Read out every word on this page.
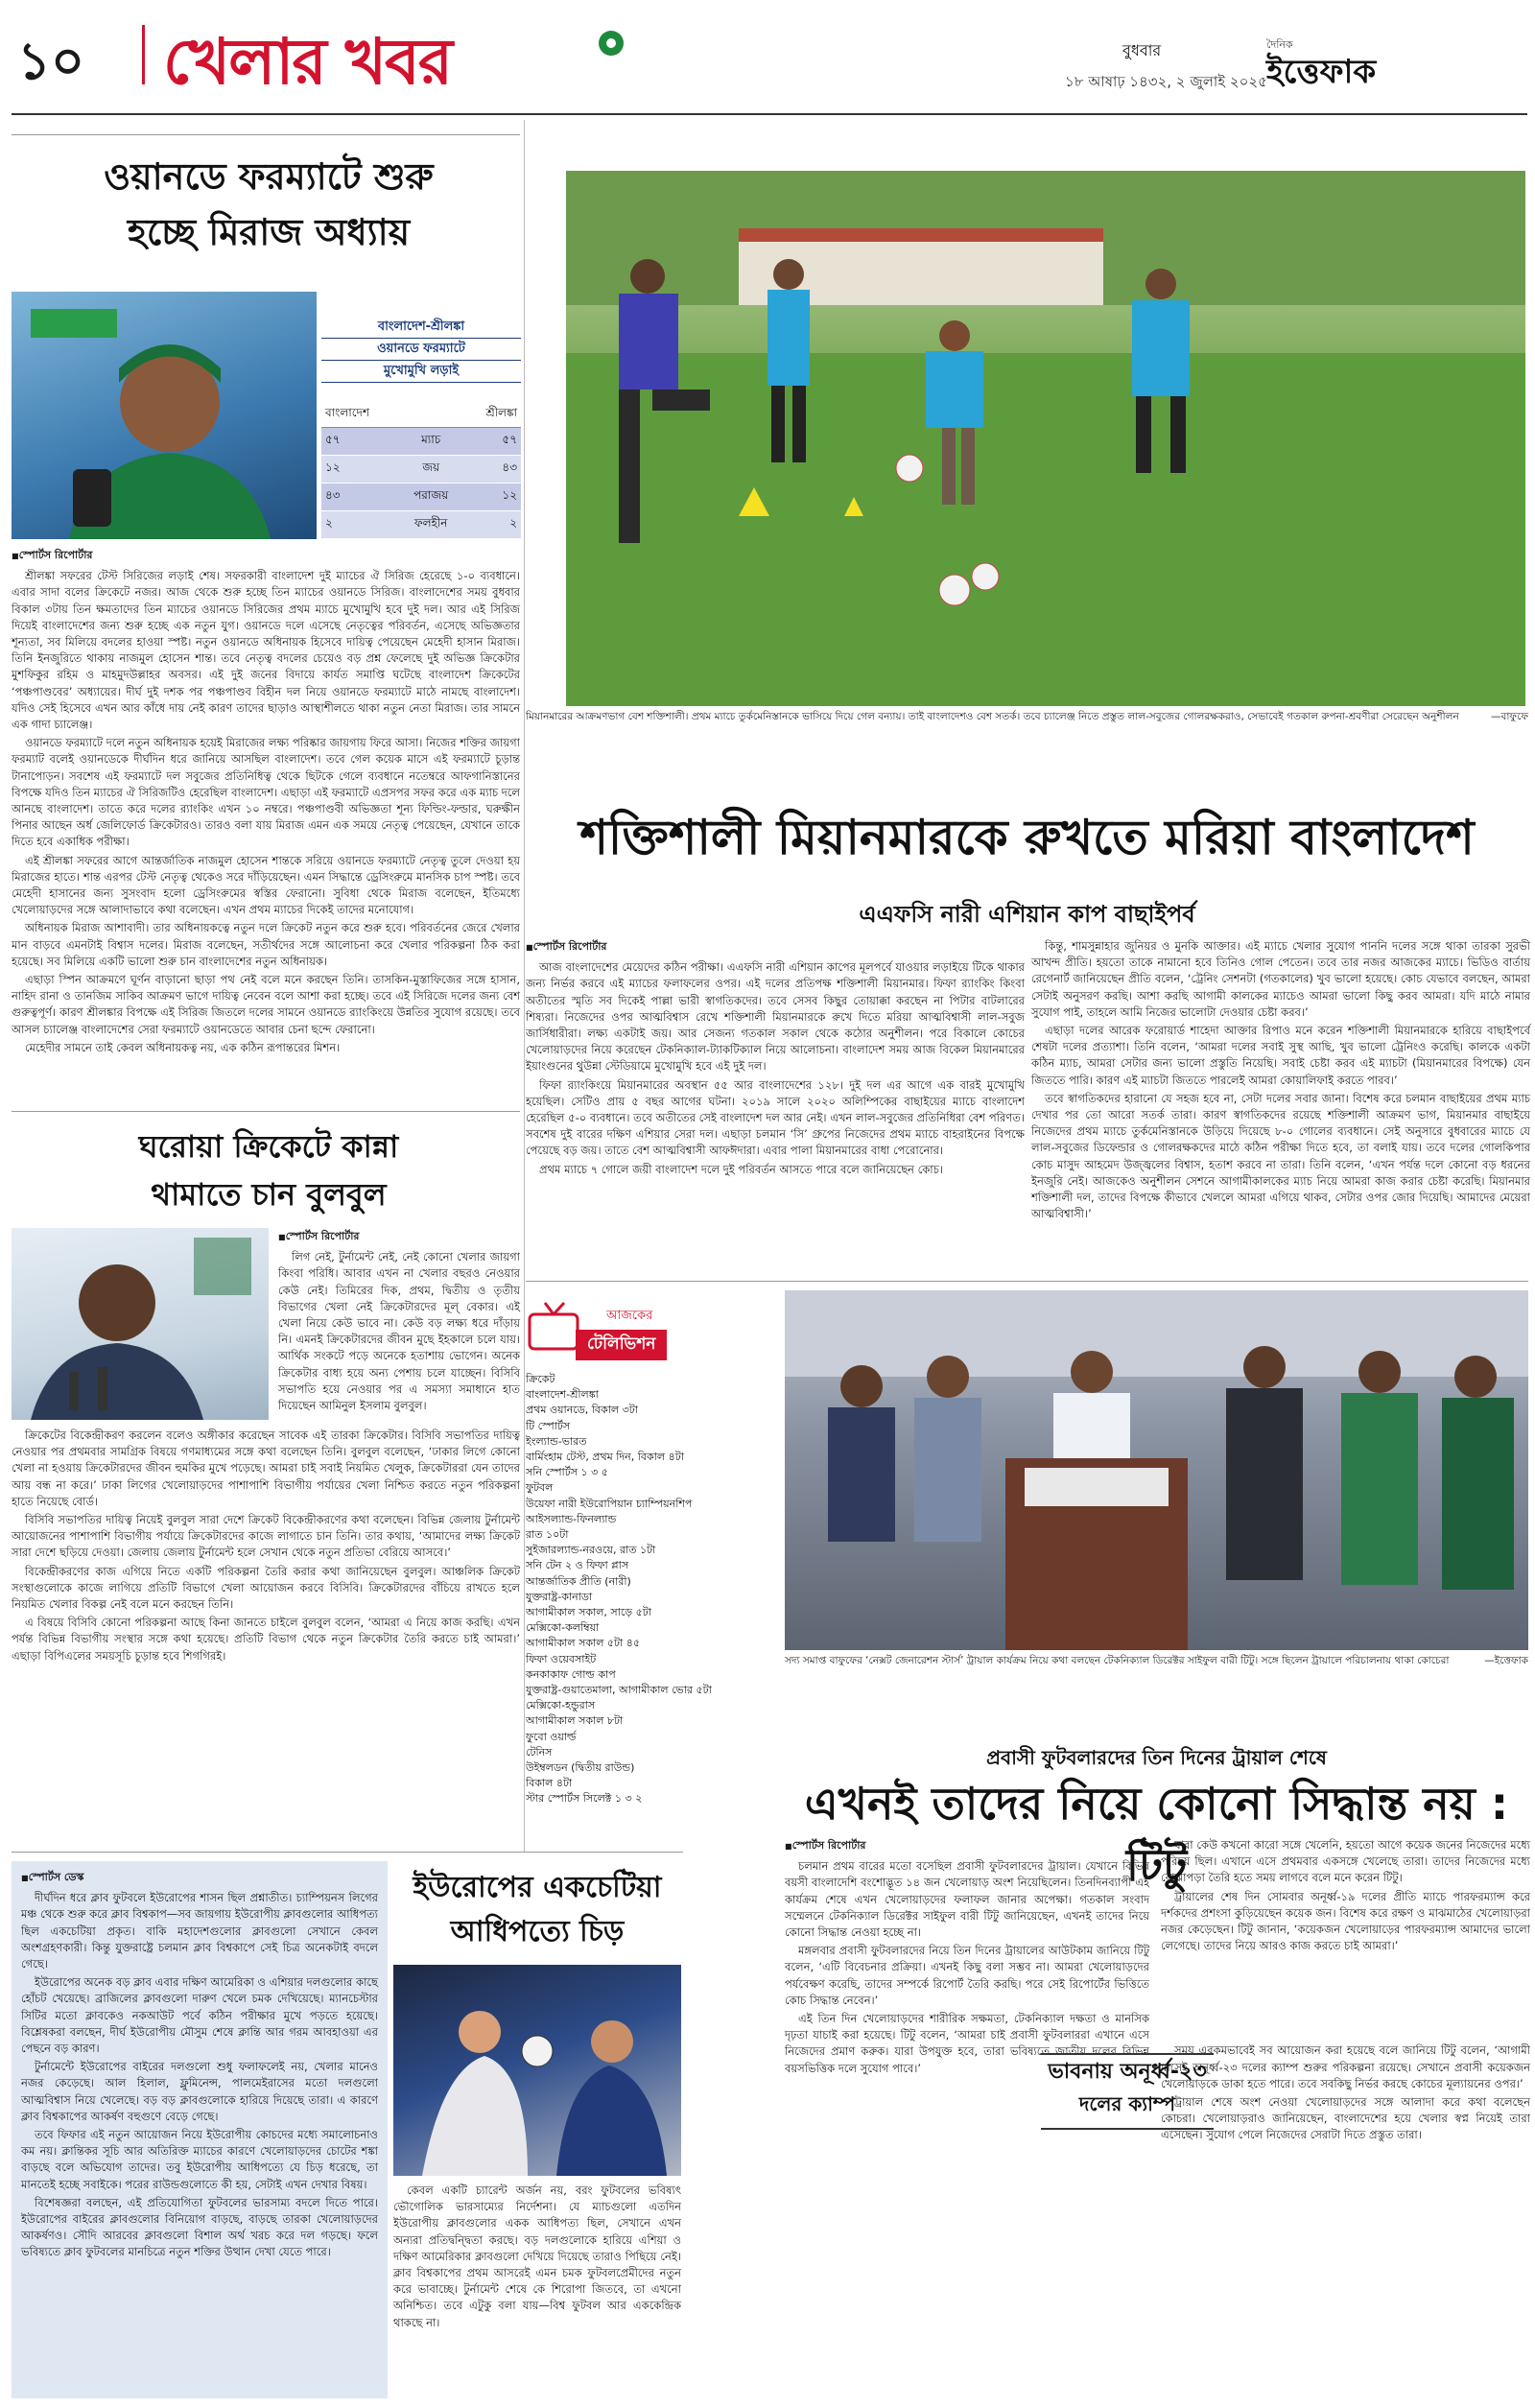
১০ খেলার খবর	বুধবার
১৮ আষাঢ় ১৪৩২, ২ জুলাই ২০২৫
দৈনিক
ইত্তেফাক
ওয়ানডে ফরম্যাটে শুরু
হচ্ছে মিরাজ অধ্যায়
বাংলাদেশ-শ্রীলঙ্কা
ওয়ানডে ফরম্যাটে
মুখোমুখি লড়াই
বাংলাদেশ		শ্রীলঙ্কা
৫৭	ম্যাচ	৫৭
১২	জয়	৪৩
৪৩	পরাজয়	১২
২	ফলহীন	২
■ স্পোর্টস রিপোর্টার

শ্রীলঙ্কা সফরের টেস্ট সিরিজের লড়াই শেষ। সফরকারী বাংলাদেশ দুই ম্যাচের ঐ সিরিজ হেরেছে ১-০ ব্যবধানে। এবার সাদা বলের ক্রিকেটে নজর। আজ থেকে শুরু হচ্ছে তিন ম্যাচের ওয়ানডে সিরিজ। বাংলাদেশের সময় বুধবার বিকাল ৩টায় তিন ক্ষমতাদের তিন ম্যাচের ওয়ানডে সিরিজের প্রথম ম্যাচে মুখোমুখি হবে দুই দল। আর এই সিরিজ দিয়েই বাংলাদেশের জন্য শুরু হচ্ছে এক নতুন যুগ। ওয়ানডে দলে এসেছে নেতৃত্বের পরিবর্তন, এসেছে অভিজ্ঞতার শূন্যতা, সব মিলিয়ে বদলের হাওয়া স্পষ্ট। নতুন ওয়ানডে অধিনায়ক হিসেবে দায়িত্ব পেয়েছেন মেহেদী হাসান মিরাজ। তিনি ইনজুরিতে থাকায় নাজমুল হোসেন শান্ত। তবে নেতৃত্ব বদলের চেয়েও বড় প্রশ্ন ফেলেছে দুই অভিজ্ঞ ক্রিকেটার মুশফিকুর রহিম ও মাহমুদউল্লাহর অবসর। এই দুই জনের বিদায়ে কার্যত সমাপ্তি ঘটেছে বাংলাদেশ ক্রিকেটের ‘পঞ্চপাণ্ডবের’ অধ্যায়ের। দীর্ঘ দুই দশক পর পঞ্চপাণ্ডব বিহীন দল নিয়ে ওয়ানডে ফরম্যাটে মাঠে নামছে বাংলাদেশ। যদিও সেই হিসেবে এখন আর কাঁধে দায় নেই কারণ তাদের ছাড়াও আস্থাশীলতে থাকা নতুন নেতা মিরাজ। তার সামনে এক গাদা চ্যালেঞ্জ।

ওয়ানডে ফরম্যাটে দলে নতুন অধিনায়ক হয়েই মিরাজের লক্ষ্য পরিষ্কার জায়গায় ফিরে আসা। নিজের শক্তির জায়গা ফরম্যাট বলেই ওয়ানডেকে দীর্ঘদিন ধরে জানিয়ে আসছিল বাংলাদেশ। তবে গেল কয়েক মাসে এই ফরম্যাটে চূড়ান্ত টানাপোড়ন। সবশেষ এই ফরম্যাটে দল সবুজের প্রতিনিধিত্ব থেকে ছিটকে গেলে ব্যবধানে নতেম্বরে আফগানিস্তানের বিপক্ষে যদিও তিন ম্যাচের ঐ সিরিজটিও হেরেছিল বাংলাদেশ। এছাড়া এই ফরম্যাটে এপ্রসপর সফর করে এক ম্যাচ দলে আনছে বাংলাদেশ। তাতে করে দলের র‍্যাংকিং এখন ১০ নম্বরে। পঞ্চপাণ্ডবী অভিজ্ঞতা শূন্য ফিল্ডিং-ফল্ডার, ঘরুক্ষীন পিনার আছেন অর্ধ জেলিফোর্ড ক্রিকেটারও। তারও বলা যায় মিরাজ এমন এক সময়ে নেতৃত্ব পেয়েছেন, যেখানে তাকে দিতে হবে একাধিক পরীক্ষা।

এই শ্রীলঙ্কা সফরের আগে আন্তর্জাতিক নাজমুল হোসেন শান্তকে সরিয়ে ওয়ানডে ফরম্যাটে নেতৃত্ব তুলে দেওয়া হয় মিরাজের হাতে। শান্ত এরপর টেস্ট নেতৃত্ব থেকেও সরে দাঁড়িয়েছেন। এমন সিদ্ধান্তে ড্রেসিংরুমে মানসিক চাপ স্পষ্ট। তবে মেহেদী হাসানের জন্য সুসংবাদ হলো ড্রেসিংরুমের স্বস্তির ফেরানো। সুবিধা থেকে মিরাজ বলেছেন, ইতিমধ্যে খেলোয়াড়দের সঙ্গে আলাদাভাবে কথা বলেছেন। এখন প্রথম ম্যাচের দিকেই তাদের মনোযোগ।

অধিনায়ক মিরাজ আশাবাদী। তার অধিনায়কত্বে নতুন দলে ক্রিকেট নতুন করে শুরু হবে। পরিবর্তনের জেরে খেলার মান বাড়বে এমনটাই বিশ্বাস দলের। মিরাজ বলেছেন, সতীর্থদের সঙ্গে আলোচনা করে খেলার পরিকল্পনা ঠিক করা হয়েছে। সব মিলিয়ে একটি ভালো শুরু চান বাংলাদেশের নতুন অধিনায়ক।

এছাড়া স্পিন আক্রমণে ঘূর্ণন বাড়ানো ছাড়া পথ নেই বলে মনে করছেন তিনি। তাসকিন-মুস্তাফিজের সঙ্গে হাসান, নাহিদ রানা ও তানজিম সাকিব আক্রমণ ভাগে দায়িত্ব নেবেন বলে আশা করা হচ্ছে। তবে এই সিরিজে দলের জন্য বেশ গুরুত্বপূর্ণ। কারণ শ্রীলঙ্কার বিপক্ষে এই সিরিজ জিতলে দলের সামনে ওয়ানডে র‍্যাংকিংয়ে উন্নতির সুযোগ রয়েছে। তবে আসল চ্যালেঞ্জ বাংলাদেশের সেরা ফরম্যাটে ওয়ানডেতে আবার চেনা ছন্দে ফেরানো।

মেহেদীর সামনে তাই কেবল অধিনায়কত্ব নয়, এক কঠিন রূপান্তরের মিশন।

ঘরোয়া ক্রিকেটে কান্না
থামাতে চান বুলবুল
■ স্পোর্টস রিপোর্টার

লিগ নেই, টুর্নামেন্ট নেই, নেই কোনো খেলার জায়গা কিংবা পরিধি। আবার এখন না খেলার বছরও নেওয়ার কেউ নেই। তিমিরের দিক, প্রথম, দ্বিতীয় ও তৃতীয় বিভাগের খেলা নেই ক্রিকেটারদের মূল্ বেকার। এই খেলা নিয়ে কেউ ভাবে না। কেউ বড় লক্ষ্য ধরে দাঁড়ায় নি। এমনই ক্রিকেটারদের জীবন মুছে ইহকালে চলে যায়। আর্থিক সংকটে পড়ে অনেকে হতাশায় ভোগেন। অনেক ক্রিকেটার বাধ্য হয়ে অন্য পেশায় চলে যাচ্ছেন। বিসিবি সভাপতি হয়ে নেওয়ার পর এ সমস্যা সমাধানে হাত দিয়েছেন আমিনুল ইসলাম বুলবুল।

ক্রিকেটের বিকেন্দ্রীকরণ করলেন বলেও অঙ্গীকার করেছেন সাবেক এই তারকা ক্রিকেটার। বিসিবি সভাপতির দায়িত্ব নেওয়ার পর প্রথমবার সামগ্রিক বিষয়ে গণমাধ্যমের সঙ্গে কথা বলেছেন তিনি। বুলবুল বলেছেন, ‘ঢাকার লিগে কোনো খেলা না হওয়ায় ক্রিকেটারদের জীবন হুমকির মুখে পড়েছে। আমরা চাই সবাই নিয়মিত খেলুক, ক্রিকেটাররা যেন তাদের আয় বন্ধ না করে।’ ঢাকা লিগের খেলোয়াড়দের পাশাপাশি বিভাগীয় পর্যায়ের খেলা নিশ্চিত করতে নতুন পরিকল্পনা হাতে নিয়েছে বোর্ড।

বিসিবি সভাপতির দায়িত্ব নিয়েই বুলবুল সারা দেশে ক্রিকেট বিকেন্দ্রীকরণের কথা বলেছেন। বিভিন্ন জেলায় টুর্নামেন্ট আয়োজনের পাশাপাশি বিভাগীয় পর্যায়ে ক্রিকেটারদের কাজে লাগাতে চান তিনি। তার কথায়, ‘আমাদের লক্ষ্য ক্রিকেট সারা দেশে ছড়িয়ে দেওয়া। জেলায় জেলায় টুর্নামেন্ট হলে সেখান থেকে নতুন প্রতিভা বেরিয়ে আসবে।’

বিকেন্দ্রীকরণের কাজ এগিয়ে নিতে একটি পরিকল্পনা তৈরি করার কথা জানিয়েছেন বুলবুল। আঞ্চলিক ক্রিকেট সংস্থাগুলোকে কাজে লাগিয়ে প্রতিটি বিভাগে খেলা আয়োজন করবে বিসিবি। ক্রিকেটারদের বাঁচিয়ে রাখতে হলে নিয়মিত খেলার বিকল্প নেই বলে মনে করছেন তিনি।

এ বিষয়ে বিসিবি কোনো পরিকল্পনা আছে কিনা জানতে চাইলে বুলবুল বলেন, ‘আমরা এ নিয়ে কাজ করছি। এখন পর্যন্ত বিভিন্ন বিভাগীয় সংস্থার সঙ্গে কথা হয়েছে। প্রতিটি বিভাগ থেকে নতুন ক্রিকেটার তৈরি করতে চাই আমরা।’ এছাড়া বিপিএলের সময়সূচি চূড়ান্ত হবে শিগগিরই।

■ স্পোর্টস ডেস্ক

দীর্ঘদিন ধরে ক্লাব ফুটবলে ইউরোপের শাসন ছিল প্রশ্নাতীত। চ্যাম্পিয়নস লিগের মঞ্চ থেকে শুরু করে ক্লাব বিশ্বকাপ—সব জায়গায় ইউরোপীয় ক্লাবগুলোর আধিপত্য ছিল একচেটিয়া প্রকৃত। বাকি মহাদেশগুলোর ক্লাবগুলো সেখানে কেবল অংশগ্রহণকারী। কিন্তু যুক্তরাষ্ট্রে চলমান ক্লাব বিশ্বকাপে সেই চিত্র অনেকটাই বদলে গেছে।

ইউরোপের অনেক বড় ক্লাব এবার দক্ষিণ আমেরিকা ও এশিয়ার দলগুলোর কাছে হোঁচট খেয়েছে। ব্রাজিলের ক্লাবগুলো দারুণ খেলে চমক দেখিয়েছে। ম্যানচেস্টার সিটির মতো ক্লাবকেও নকআউট পর্বে কঠিন পরীক্ষার মুখে পড়তে হয়েছে। বিশ্লেষকরা বলছেন, দীর্ঘ ইউরোপীয় মৌসুম শেষে ক্লান্তি আর গরম আবহাওয়া এর পেছনে বড় কারণ।

টুর্নামেন্টে ইউরোপের বাইরের দলগুলো শুধু ফলাফলেই নয়, খেলার মানেও নজর কেড়েছে। আল হিলাল, ফ্লুমিনেন্স, পালমেইরাসের মতো দলগুলো আত্মবিশ্বাস নিয়ে খেলেছে। বড় বড় ক্লাবগুলোকে হারিয়ে দিয়েছে তারা। এ কারণে ক্লাব বিশ্বকাপের আকর্ষণ বহুগুণে বেড়ে গেছে।

তবে ফিফার এই নতুন আয়োজন নিয়ে ইউরোপীয় কোচদের মধ্যে সমালোচনাও কম নয়। ক্লান্তিকর সূচি আর অতিরিক্ত ম্যাচের কারণে খেলোয়াড়দের চোটের শঙ্কা বাড়ছে বলে অভিযোগ তাদের। তবু ইউরোপীয় আধিপত্যে যে চিড় ধরেছে, তা মানতেই হচ্ছে সবাইকে। পরের রাউন্ডগুলোতে কী হয়, সেটাই এখন দেখার বিষয়।

বিশেষজ্ঞরা বলছেন, এই প্রতিযোগিতা ফুটবলের ভারসাম্য বদলে দিতে পারে। ইউরোপের বাইরের ক্লাবগুলোর বিনিয়োগ বাড়ছে, বাড়ছে তারকা খেলোয়াড়দের আকর্ষণও। সৌদি আরবের ক্লাবগুলো বিশাল অর্থ খরচ করে দল গড়ছে। ফলে ভবিষ্যতে ক্লাব ফুটবলের মানচিত্রে নতুন শক্তির উত্থান দেখা যেতে পারে।

ইউরোপের একচেটিয়া
আধিপত্যে চিড়

কেবল একটি চ্যারেন্ট অর্জন নয়, বরং ফুটবলের ভবিষ্যৎ ভৌগোলিক ভারসাম্যের নির্দেশনা। যে ম্যাচগুলো এতদিন ইউরোপীয় ক্লাবগুলোর একক আধিপত্য ছিল, সেখানে এখন অন্যরা প্রতিদ্বন্দ্বিতা করছে। বড় দলগুলোকে হারিয়ে এশিয়া ও দক্ষিণ আমেরিকার ক্লাবগুলো দেখিয়ে দিয়েছে তারাও পিছিয়ে নেই। ক্লাব বিশ্বকাপের প্রথম আসরেই এমন চমক ফুটবলপ্রেমীদের নতুন করে ভাবাচ্ছে। টুর্নামেন্ট শেষে কে শিরোপা জিতবে, তা এখনো অনিশ্চিত। তবে এটুকু বলা যায়—বিশ্ব ফুটবল আর এককেন্দ্রিক থাকছে না।

মিয়ানমারের আক্রমণভাগ বেশ শক্তিশালী। প্রথম ম্যাচে তুর্কমেনিস্তানকে ভাসিয়ে দিয়ে গেল বন্যায়। তাই বাংলাদেশও বেশ সতর্ক। তবে চ্যালেঞ্জ নিতে প্রস্তুত লাল-সবুজের গোলরক্ষকরাও, সেভাবেই গতকাল রুপনা-শ্রবণীরা সেরেছেন অনুশীলন	—বাফুফে
শক্তিশালী মিয়ানমারকে রুখতে মরিয়া বাংলাদেশ
এএফসি নারী এশিয়ান কাপ বাছাইপর্ব
■ স্পোর্টস রিপোর্টার

আজ বাংলাদেশের মেয়েদের কঠিন পরীক্ষা। এএফসি নারী এশিয়ান কাপের মূলপর্বে যাওয়ার লড়াইয়ে টিকে থাকার জন্য নির্ভর করবে এই ম্যাচের ফলাফলের ওপর। এই দলের প্রতিপক্ষ শক্তিশালী মিয়ানমার। ফিফা র‍্যাংকিং কিংবা অতীতের স্মৃতি সব দিকেই পাল্লা ভারী স্বাগতিকদের। তবে সেসব কিছুর তোয়াক্কা করছেন না পিটার বাটলারের শিষ্যরা। নিজেদের ওপর আত্মবিশ্বাস রেখে শক্তিশালী মিয়ানমারকে রুখে দিতে মরিয়া আত্মবিশ্বাসী লাল-সবুজ জার্সিধারীরা। লক্ষ্য একটাই জয়। আর সেজন্য গতকাল সকাল থেকে কঠোর অনুশীলন। পরে বিকালে কোচের খেলোয়াড়দের নিয়ে করেছেন টেকনিক্যাল-ট্যাকটিক্যাল নিয়ে আলোচনা। বাংলাদেশ সময় আজ বিকেল মিয়ানমারের ইয়াংগুনের থুউন্না স্টেডিয়ামে মুখোমুখি হবে এই দুই দল।

ফিফা র‍্যাংকিংয়ে মিয়ানমারের অবস্থান ৫৫ আর বাংলাদেশের ১২৮। দুই দল এর আগে এক বারই মুখোমুখি হয়েছিল। সেটিও প্রায় ৫ বছর আগের ঘটনা। ২০১৯ সালে ২০২০ অলিম্পিকের বাছাইয়ের ম্যাচে বাংলাদেশ হেরেছিল ৫-০ ব্যবধানে। তবে অতীতের সেই বাংলাদেশ দল আর নেই। এখন লাল-সবুজের প্রতিনিধিরা বেশ পরিণত। সবশেষ দুই বারের দক্ষিণ এশিয়ার সেরা দল। এছাড়া চলমান ‘সি’ গ্রুপের নিজেদের প্রথম ম্যাচে বাহরাইনের বিপক্ষে পেয়েছে বড় জয়। তাতে বেশ আত্মবিশ্বাসী আফঈদারা। এবার পালা মিয়ানমারের বাধা পেরোনোর।

প্রথম ম্যাচে ৭ গোলে জয়ী বাংলাদেশ দলে দুই পরিবর্তন আসতে পারে বলে জানিয়েছেন কোচ।

কিন্তু, শামসুন্নাহার জুনিয়র ও মুনকি আক্তার। এই ম্যাচে খেলার সুযোগ পাননি দলের সঙ্গে থাকা তারকা সুরভী আখন্দ প্রীতি। হয়তো তাকে নামানো হবে তিনিও গোল পেতেন। তবে তার নজর আজকের ম্যাচে। ভিডিও বার্তায় রেগেনার্ট জানিয়েছেন প্রীতি বলেন, ‘ট্রেনিং সেশনটা (গতকালের) খুব ভালো হয়েছে। কোচ যেভাবে বলছেন, আমরা সেটাই অনুসরণ করছি। আশা করছি আগামী কালকের ম্যাচেও আমরা ভালো কিছু করব আমরা। যদি মাঠে নামার সুযোগ পাই, তাহলে আমি নিজের ভালোটা দেওয়ার চেষ্টা করব।’

এছাড়া দলের আরেক ফরোয়ার্ড শাহেদা আক্তার রিপাও মনে করেন শক্তিশালী মিয়ানমারকে হারিয়ে বাছাইপর্বে শেষটা দলের প্রত্যাশা। তিনি বলেন, ‘আমরা দলের সবাই সুস্থ আছি, খুব ভালো ট্রেনিংও করেছি। কালকে একটা কঠিন ম্যাচ, আমরা সেটার জন্য ভালো প্রস্তুতি নিয়েছি। সবাই চেষ্টা করব এই ম্যাচটা (মিয়ানমারের বিপক্ষে) যেন জিততে পারি। কারণ এই ম্যাচটা জিততে পারলেই আমরা কোয়ালিফাই করতে পারব।’

তবে স্বাগতিকদের হারানো যে সহজ হবে না, সেটা দলের সবার জানা। বিশেষ করে চলমান বাছাইয়ের প্রথম ম্যাচ দেখার পর তো আরো সতর্ক তারা। কারণ স্বাগতিকদের রয়েছে শক্তিশালী আক্রমণ ভাগ, মিয়ানমার বাছাইয়ে নিজেদের প্রথম ম্যাচে তুর্কমেনিস্তানকে উড়িয়ে দিয়েছে ৮-০ গোলের ব্যবধানে। সেই অনুসারে বুধবারের ম্যাচে যে লাল-সবুজের ডিফেন্ডার ও গোলরক্ষকদের মাঠে কঠিন পরীক্ষা দিতে হবে, তা বলাই যায়। তবে দলের গোলকিপার কোচ মাসুদ আহমেদ উজ্জ্বলের বিশ্বাস, হতাশ করবে না তারা। তিনি বলেন, ‘এখন পর্যন্ত দলে কোনো বড় ধরনের ইনজুরি নেই। আজকেও অনুশীলন সেশনে আগামীকালকের ম্যাচ নিয়ে আমরা কাজ করার চেষ্টা করেছি। মিয়ানমার শক্তিশালী দল, তাদের বিপক্ষে কীভাবে খেললে আমরা এগিয়ে থাকব, সেটার ওপর জোর দিয়েছি। আমাদের মেয়েরা আত্মবিশ্বাসী।’

আজকের
টেলিভিশন
ক্রিকেট
বাংলাদেশ-শ্রীলঙ্কা
প্রথম ওয়ানডে, বিকাল ৩টা
টি স্পোর্টস
ইংল্যান্ড-ভারত
বার্মিংহাম টেস্ট, প্রথম দিন, বিকাল ৪টা
সনি স্পোর্টস ১ ৩ ৫
ফুটবল
উয়েফা নারী ইউরোপিয়ান চ্যাম্পিয়নশিপ
আইসল্যান্ড-ফিনল্যান্ড
রাত ১০টা
সুইজারল্যান্ড-নরওয়ে, রাত ১টা
সনি টেন ২ ও ফিফা প্লাস
আন্তর্জাতিক প্রীতি (নারী)
যুক্তরাষ্ট্র-কানাডা
আগামীকাল সকাল, সাড়ে ৫টা
মেক্সিকো-কলম্বিয়া
আগামীকাল সকাল ৫টা ৪৫
ফিফা ওয়েবসাইট
কনকাকাফ গোল্ড কাপ
যুক্তরাষ্ট্র-গুয়াতেমালা, আগামীকাল ভোর ৫টা
মেক্সিকো-হন্ডুরাস
আগামীকাল সকাল ৮টা
ফুবো ওয়ার্ল্ড
টেনিস
উইম্বলডন (দ্বিতীয় রাউন্ড)
বিকাল ৪টা
স্টার স্পোর্টস সিলেক্ট ১ ৩ ২
সদ্য সমাপ্ত বাফুফের ‘নেক্সট জেনারেশন স্টার্স’ ট্রায়াল কার্যক্রম নিয়ে কথা বলছেন টেকনিক্যাল ডিরেক্টর সাইফুল বারী টিটু। সঙ্গে ছিলেন ট্রায়ালে পরিচালনায় থাকা কোচেরা	—ইত্তেফাক
প্রবাসী ফুটবলারদের তিন দিনের ট্রায়াল শেষে
এখনই তাদের নিয়ে কোনো সিদ্ধান্ত নয় : টিটু
■ স্পোর্টস রিপোর্টার

চলমান প্রথম বারের মতো বসেছিল প্রবাসী ফুটবলারদের ট্রায়াল। যেখানে বিভিন্ন বয়সী বাংলাদেশি বংশোদ্ভূত ১৪ জন খেলোয়াড় অংশ নিয়েছিলেন। তিনদিনব্যাপী এই কার্যক্রম শেষে এখন খেলোয়াড়দের ফলাফল জানার অপেক্ষা। গতকাল সংবাদ সম্মেলনে টেকনিক্যাল ডিরেক্টর সাইফুল বারী টিটু জানিয়েছেন, এখনই তাদের নিয়ে কোনো সিদ্ধান্ত নেওয়া হচ্ছে না।

মঙ্গলবার প্রবাসী ফুটবলারদের নিয়ে তিন দিনের ট্রায়ালের আউটকাম জানিয়ে টিটু বলেন, ‘এটি বিবেচনার প্রক্রিয়া। এখনই কিছু বলা সম্ভব না। আমরা খেলোয়াড়দের পর্যবেক্ষণ করেছি, তাদের সম্পর্কে রিপোর্ট তৈরি করছি। পরে সেই রিপোর্টের ভিত্তিতে কোচ সিদ্ধান্ত নেবেন।’

এই তিন দিন খেলোয়াড়দের শারীরিক সক্ষমতা, টেকনিক্যাল দক্ষতা ও মানসিক দৃঢ়তা যাচাই করা হয়েছে। টিটু বলেন, ‘আমরা চাই প্রবাসী ফুটবলাররা এখানে এসে নিজেদের প্রমাণ করুক। যারা উপযুক্ত হবে, তারা ভবিষ্যতে জাতীয় দলের বিভিন্ন বয়সভিত্তিক দলে সুযোগ পাবে।’

যারা কেউ কখনো কারো সঙ্গে খেলেনি, হয়তো আগে কয়েক জনের নিজেদের মধ্যে পরিচয় ছিল। এখানে এসে প্রথমবার একসঙ্গে খেলেছে তারা। তাদের নিজেদের মধ্যে বোঝাপড়া তৈরি হতে সময় লাগবে বলে মনে করেন টিটু।

ট্রায়ালের শেষ দিন সোমবার অনূর্ধ্ব-১৯ দলের প্রীতি ম্যাচে পারফরম্যান্স করে দর্শকদের প্রশংসা কুড়িয়েছেন কয়েক জন। বিশেষ করে রক্ষণ ও মাঝমাঠের খেলোয়াড়রা নজর কেড়েছেন। টিটু জানান, ‘কয়েকজন খেলোয়াড়ের পারফরম্যান্স আমাদের ভালো লেগেছে। তাদের নিয়ে আরও কাজ করতে চাই আমরা।’

সময় এরকমভাবেই সব আয়োজন করা হয়েছে বলে জানিয়ে টিটু বলেন, ‘আগামী মাসেই অনূর্ধ্ব-২৩ দলের ক্যাম্প শুরুর পরিকল্পনা রয়েছে। সেখানে প্রবাসী কয়েকজন খেলোয়াড়কে ডাকা হতে পারে। তবে সবকিছু নির্ভর করছে কোচের মূল্যায়নের ওপর।’

ট্রায়াল শেষে অংশ নেওয়া খেলোয়াড়দের সঙ্গে আলাদা করে কথা বলেছেন কোচরা। খেলোয়াড়রাও জানিয়েছেন, বাংলাদেশের হয়ে খেলার স্বপ্ন নিয়েই তারা এসেছেন। সুযোগ পেলে নিজেদের সেরাটা দিতে প্রস্তুত তারা।

ভাবনায় অনূর্ধ্ব-২৩
দলের ক্যাম্প
